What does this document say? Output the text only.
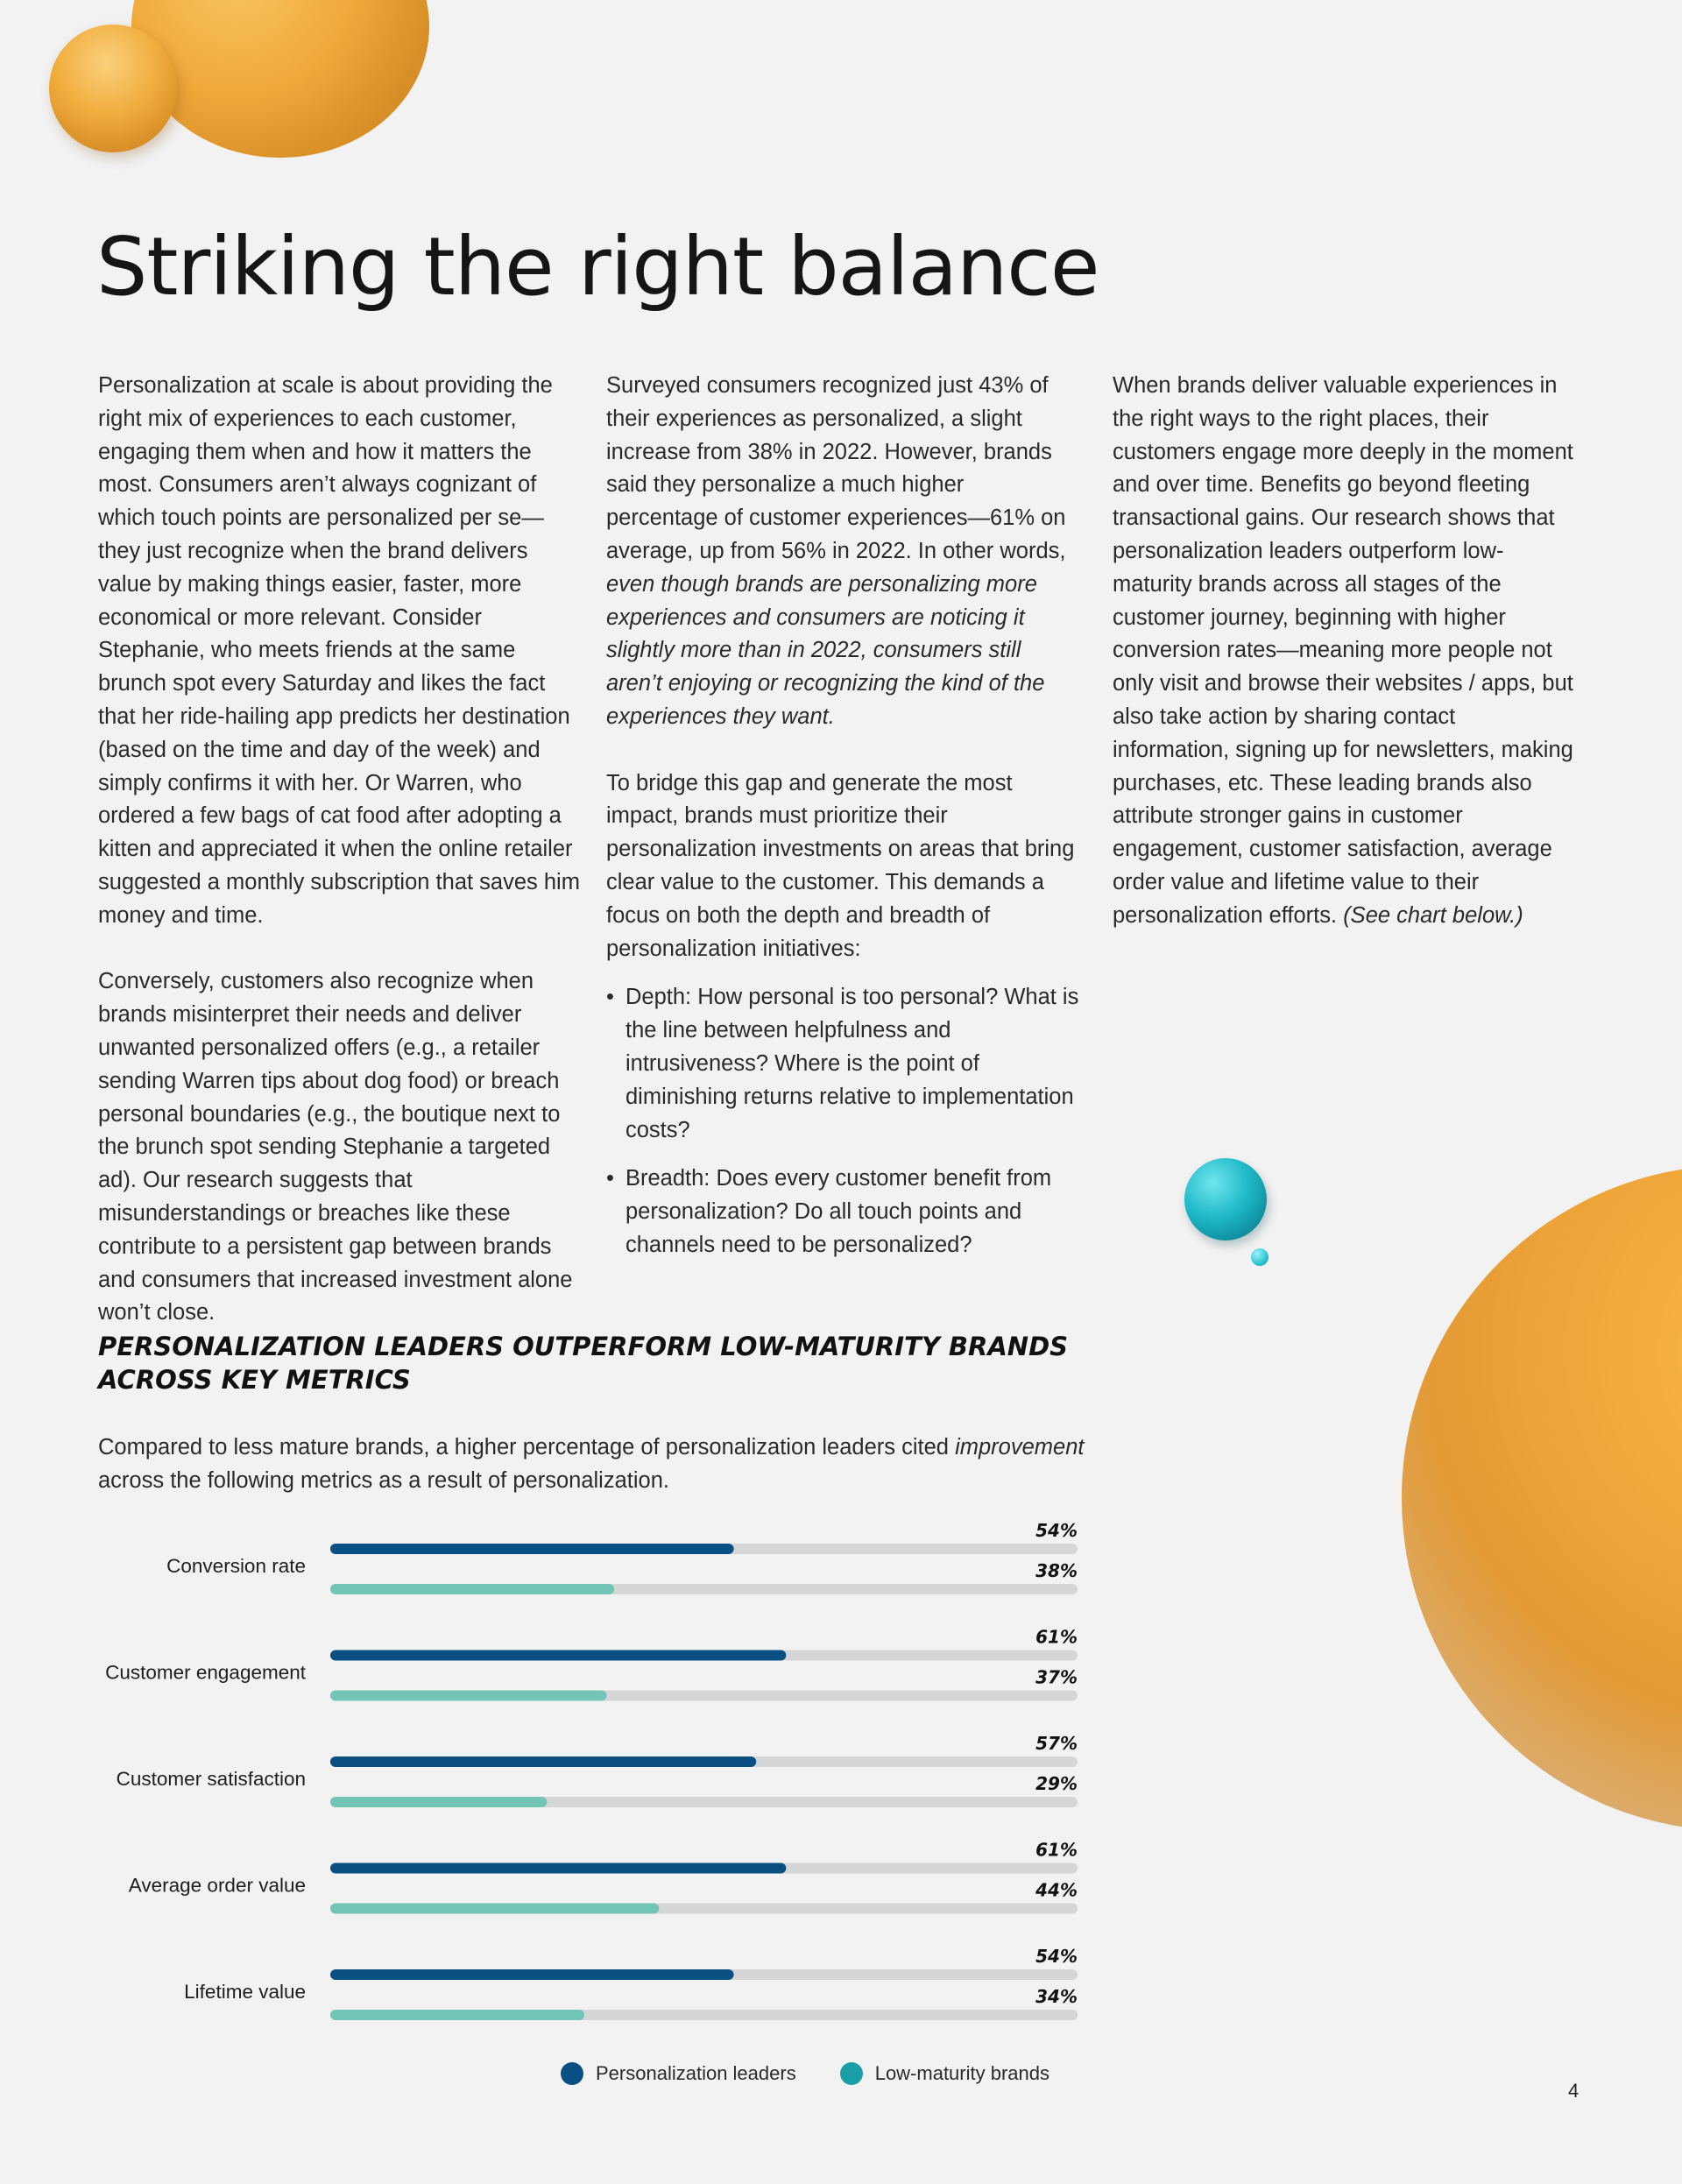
Striking the right balance

Personalization at scale is about providing the right mix of experiences to each customer, engaging them when and how it matters the most. Consumers aren’t always cognizant of which touch points are personalized per se—they just recognize when the brand delivers value by making things easier, faster, more economical or more relevant. Consider Stephanie, who meets friends at the same brunch spot every Saturday and likes the fact that her ride-hailing app predicts her destination (based on the time and day of the week) and simply confirms it with her. Or Warren, who ordered a few bags of cat food after adopting a kitten and appreciated it when the online retailer suggested a monthly subscription that saves him money and time.

Conversely, customers also recognize when brands misinterpret their needs and deliver unwanted personalized offers (e.g., a retailer sending Warren tips about dog food) or breach personal boundaries (e.g., the boutique next to the brunch spot sending Stephanie a targeted ad). Our research suggests that misunderstandings or breaches like these contribute to a persistent gap between brands and consumers that increased investment alone won’t close.

Surveyed consumers recognized just 43% of their experiences as personalized, a slight increase from 38% in 2022. However, brands said they personalize a much higher percentage of customer experiences—61% on average, up from 56% in 2022. In other words, even though brands are personalizing more experiences and consumers are noticing it slightly more than in 2022, consumers still aren’t enjoying or recognizing the kind of the experiences they want.

To bridge this gap and generate the most impact, brands must prioritize their personalization investments on areas that bring clear value to the customer. This demands a focus on both the depth and breadth of personalization initiatives:

• Depth: How personal is too personal? What is the line between helpfulness and intrusiveness? Where is the point of diminishing returns relative to implementation costs?
• Breadth: Does every customer benefit from personalization? Do all touch points and channels need to be personalized?

When brands deliver valuable experiences in the right ways to the right places, their customers engage more deeply in the moment and over time. Benefits go beyond fleeting transactional gains. Our research shows that personalization leaders outperform low-maturity brands across all stages of the customer journey, beginning with higher conversion rates—meaning more people not only visit and browse their websites / apps, but also take action by sharing contact information, signing up for newsletters, making purchases, etc. These leading brands also attribute stronger gains in customer engagement, customer satisfaction, average order value and lifetime value to their personalization efforts. (See chart below.)

PERSONALIZATION LEADERS OUTPERFORM LOW-MATURITY BRANDS ACROSS KEY METRICS

Compared to less mature brands, a higher percentage of personalization leaders cited improvement across the following metrics as a result of personalization.

Conversion rate
54%
38%
Customer engagement
61%
37%
Customer satisfaction
57%
29%
Average order value
61%
44%
Lifetime value
54%
34%
Personalization leaders	Low-maturity brands
4
